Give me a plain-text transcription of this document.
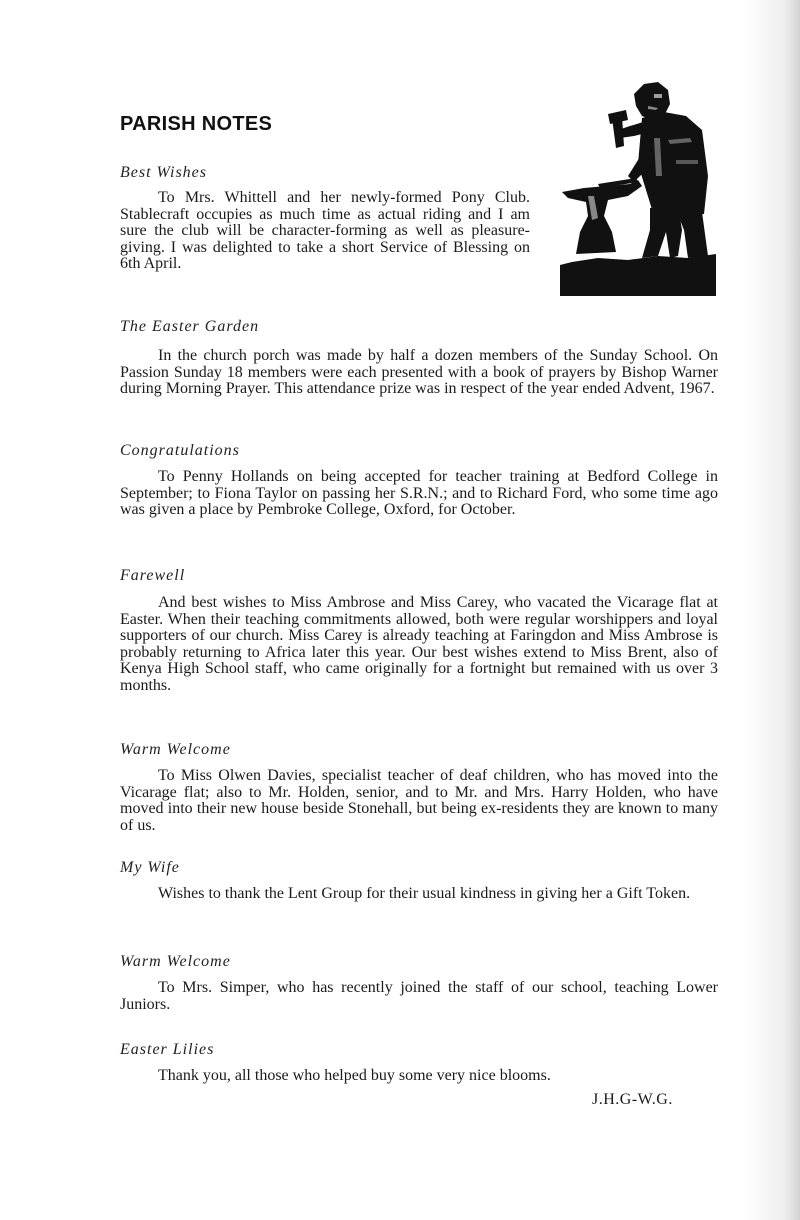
PARISH NOTES
Best Wishes

To Mrs. Whittell and her newly-formed Pony Club. Stablecraft occupies as much time as actual riding and I am sure the club will be character-forming as well as pleasure-giving. I was delighted to take a short Service of Blessing on 6th April.

The Easter Garden

In the church porch was made by half a dozen members of the Sunday School. On Passion Sunday 18 members were each presented with a book of prayers by Bishop Warner during Morning Prayer. This attendance prize was in respect of the year ended Advent, 1967.

Congratulations

To Penny Hollands on being accepted for teacher training at Bedford College in September; to Fiona Taylor on passing her S.R.N.; and to Richard Ford, who some time ago was given a place by Pembroke College, Oxford, for October.

Farewell

And best wishes to Miss Ambrose and Miss Carey, who vacated the Vicarage flat at Easter. When their teaching commitments allowed, both were regular worshippers and loyal supporters of our church. Miss Carey is already teaching at Faringdon and Miss Ambrose is probably returning to Africa later this year. Our best wishes extend to Miss Brent, also of Kenya High School staff, who came originally for a fortnight but remained with us over 3 months.

Warm Welcome

To Miss Olwen Davies, specialist teacher of deaf children, who has moved into the Vicarage flat; also to Mr. Holden, senior, and to Mr. and Mrs. Harry Holden, who have moved into their new house beside Stonehall, but being ex-residents they are known to many of us.

My Wife

Wishes to thank the Lent Group for their usual kindness in giving her a Gift Token.

Warm Welcome

To Mrs. Simper, who has recently joined the staff of our school, teaching Lower Juniors.

Easter Lilies

Thank you, all those who helped buy some very nice blooms.

J.H.G-W.G.
